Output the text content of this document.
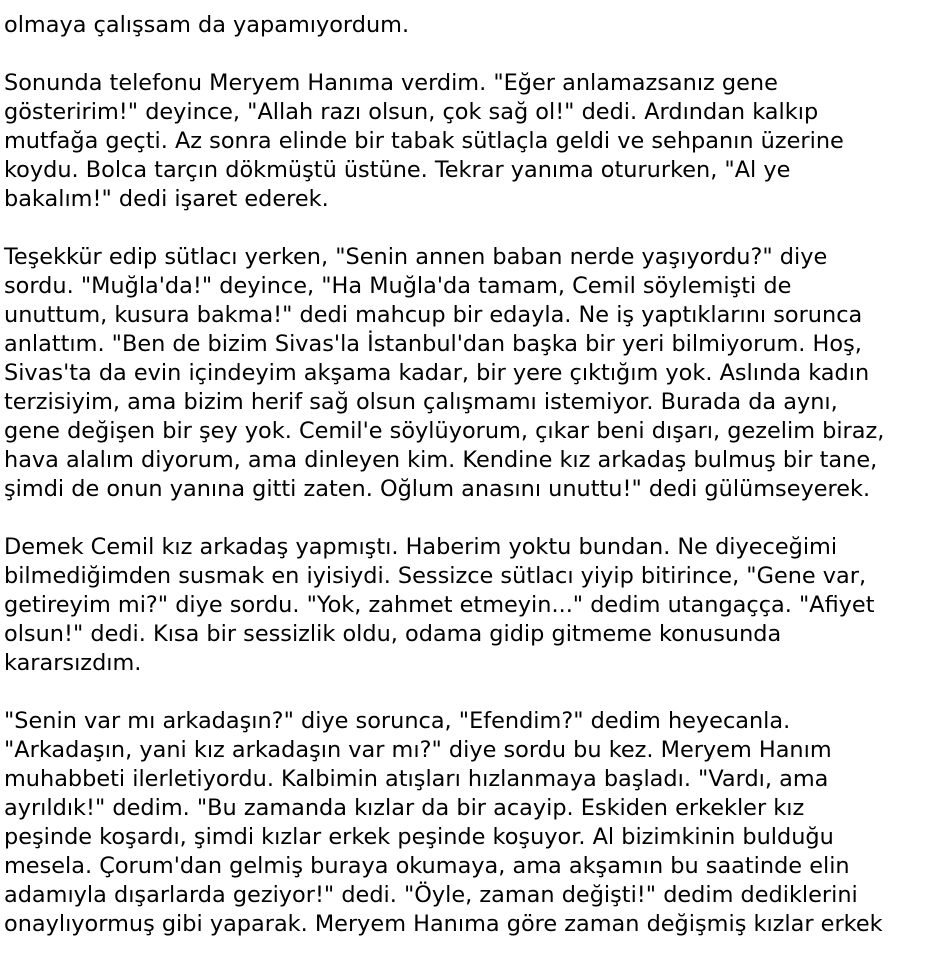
olmaya çalışsam da yapamıyordum.
Sonunda telefonu Meryem Hanıma verdim. "Eğer anlamazsanız gene
gösteririm!" deyince, "Allah razı olsun, çok sağ ol!" dedi. Ardından kalkıp
mutfağa geçti. Az sonra elinde bir tabak sütlaçla geldi ve sehpanın üzerine
koydu. Bolca tarçın dökmüştü üstüne. Tekrar yanıma otururken, "Al ye
bakalım!" dedi işaret ederek.
Teşekkür edip sütlacı yerken, "Senin annen baban nerde yaşıyordu?" diye
sordu. "Muğla'da!" deyince, "Ha Muğla'da tamam, Cemil söylemişti de
unuttum, kusura bakma!" dedi mahcup bir edayla. Ne iş yaptıklarını sorunca
anlattım. "Ben de bizim Sivas'la İstanbul'dan başka bir yeri bilmiyorum. Hoş,
Sivas'ta da evin içindeyim akşama kadar, bir yere çıktığım yok. Aslında kadın
terzisiyim, ama bizim herif sağ olsun çalışmamı istemiyor. Burada da aynı,
gene değişen bir şey yok. Cemil'e söylüyorum, çıkar beni dışarı, gezelim biraz,
hava alalım diyorum, ama dinleyen kim. Kendine kız arkadaş bulmuş bir tane,
şimdi de onun yanına gitti zaten. Oğlum anasını unuttu!" dedi gülümseyerek.
Demek Cemil kız arkadaş yapmıştı. Haberim yoktu bundan. Ne diyeceğimi
bilmediğimden susmak en iyisiydi. Sessizce sütlacı yiyip bitirince, "Gene var,
getireyim mi?" diye sordu. "Yok, zahmet etmeyin..." dedim utangaçça. "Afiyet
olsun!" dedi. Kısa bir sessizlik oldu, odama gidip gitmeme konusunda
kararsızdım.
"Senin var mı arkadaşın?" diye sorunca, "Efendim?" dedim heyecanla.
"Arkadaşın, yani kız arkadaşın var mı?" diye sordu bu kez. Meryem Hanım
muhabbeti ilerletiyordu. Kalbimin atışları hızlanmaya başladı. "Vardı, ama
ayrıldık!" dedim. "Bu zamanda kızlar da bir acayip. Eskiden erkekler kız
peşinde koşardı, şimdi kızlar erkek peşinde koşuyor. Al bizimkinin bulduğu
mesela. Çorum'dan gelmiş buraya okumaya, ama akşamın bu saatinde elin
adamıyla dışarlarda geziyor!" dedi. "Öyle, zaman değişti!" dedim dediklerini
onaylıyormuş gibi yaparak. Meryem Hanıma göre zaman değişmiş kızlar erkek
